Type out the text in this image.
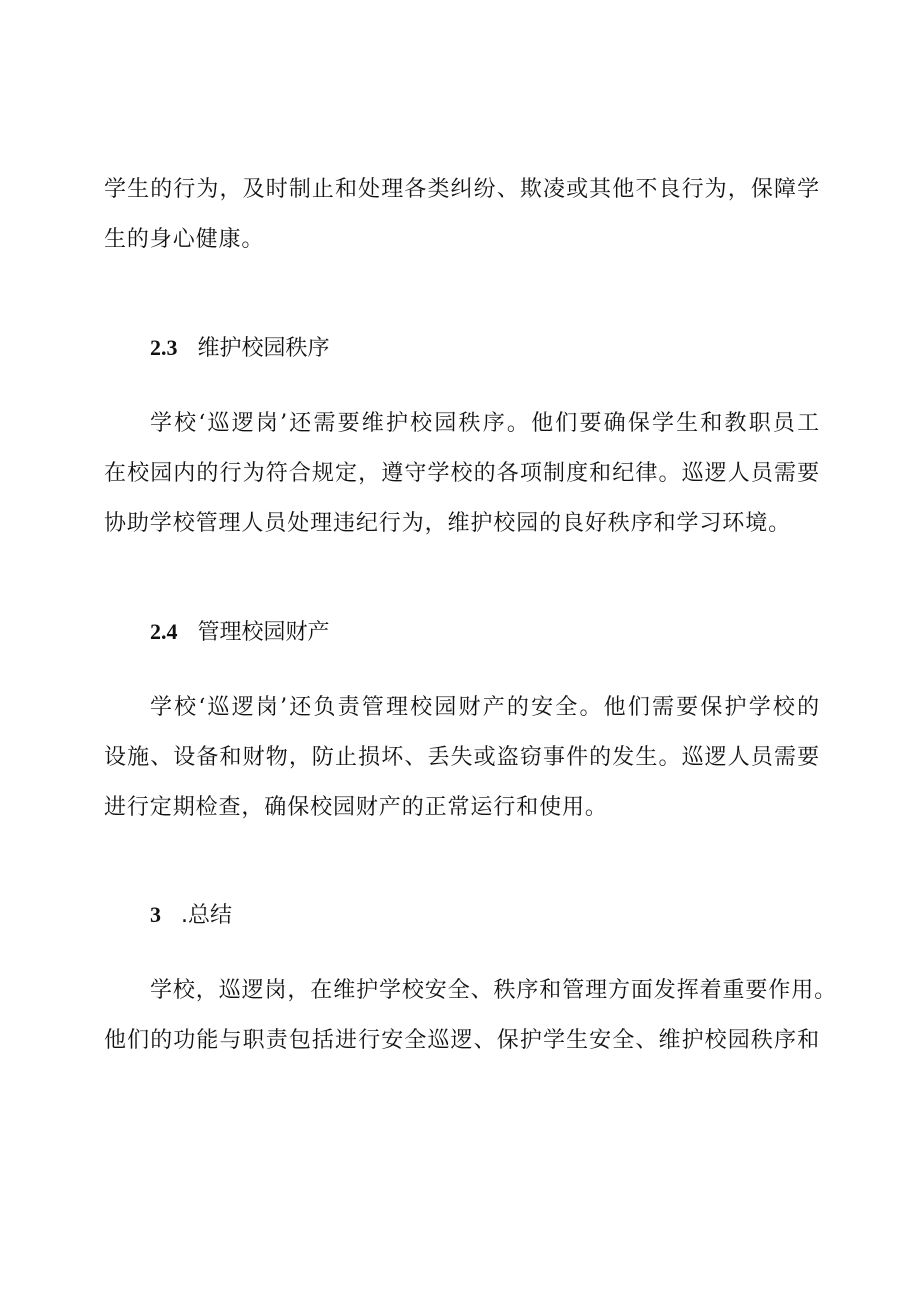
学生的行为，及时制止和处理各类纠纷、欺凌或其他不良行为，保障学
生的身心健康。
2.3 维护校园秩序
学校‘巡逻岗’还需要维护校园秩序。他们要确保学生和教职员工
在校园内的行为符合规定，遵守学校的各项制度和纪律。巡逻人员需要
协助学校管理人员处理违纪行为，维护校园的良好秩序和学习环境。
2.4 管理校园财产
学校‘巡逻岗’还负责管理校园财产的安全。他们需要保护学校的
设施、设备和财物，防止损坏、丢失或盗窃事件的发生。巡逻人员需要
进行定期检查，确保校园财产的正常运行和使用。
3 .总结
学校，巡逻岗，在维护学校安全、秩序和管理方面发挥着重要作用。
他们的功能与职责包括进行安全巡逻、保护学生安全、维护校园秩序和
